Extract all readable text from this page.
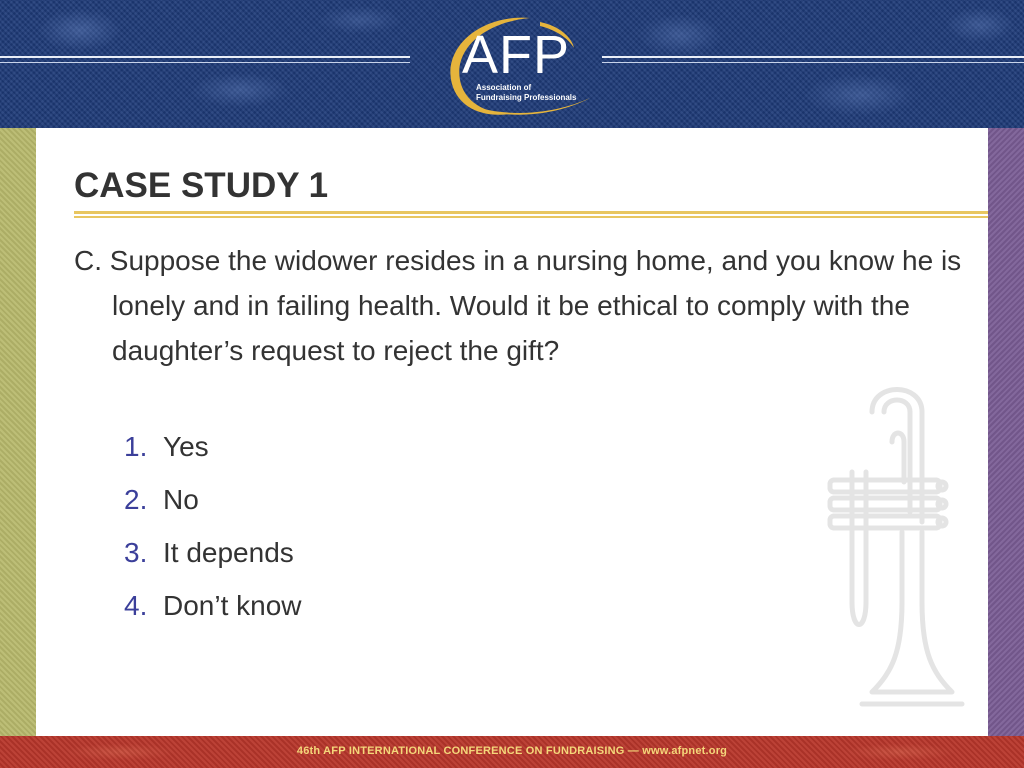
AFP
Association of
Fundraising Professionals
CASE STUDY 1

C. Suppose the widower resides in a nursing home, and you know he is lonely and in failing health. Would it be ethical to comply with the daughter’s request to reject the gift?

1. Yes
2. No
3. It depends
4. Don’t know
46th AFP INTERNATIONAL CONFERENCE ON FUNDRAISING — www.afpnet.org
